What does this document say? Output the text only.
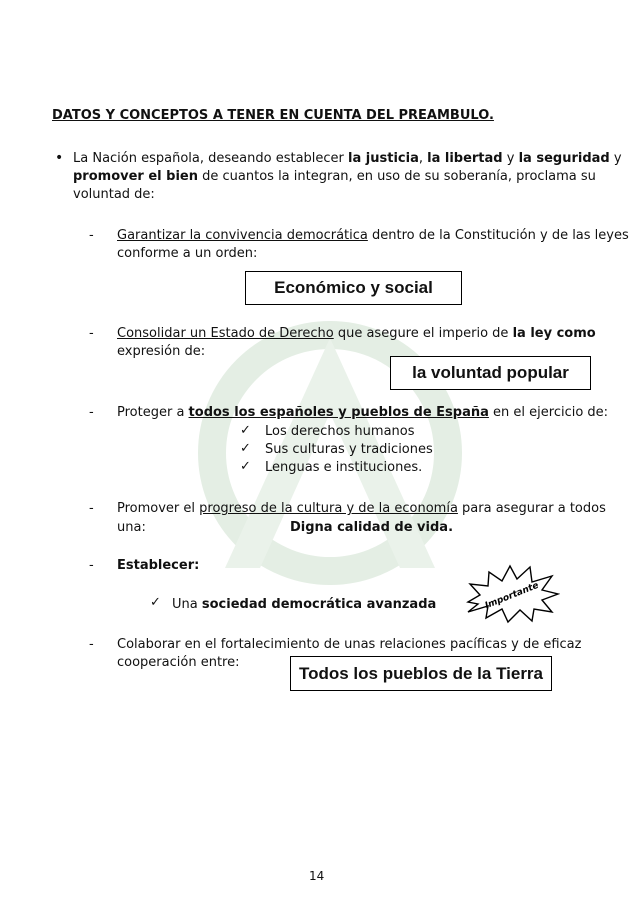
DATOS Y CONCEPTOS A TENER EN CUENTA DEL PREAMBULO.
• La Nación española, deseando establecer la justicia, la libertad y la seguridad y
promover el bien de cuantos la integran, en uso de su soberanía, proclama su
voluntad de:
- Garantizar la convivencia democrática dentro de la Constitución y de las leyes
conforme a un orden:
Económico y social
- Consolidar un Estado de Derecho que asegure el imperio de la ley como
expresión de:
la voluntad popular
- Proteger a todos los españoles y pueblos de España en el ejercicio de:
✓ Los derechos humanos
✓ Sus culturas y tradiciones
✓ Lenguas e instituciones.
- Promover el progreso de la cultura y de la economía para asegurar a todos
una:	Digna calidad de vida.
- Establecer:
✓ Una sociedad democrática avanzada	Importante
- Colaborar en el fortalecimiento de unas relaciones pacíficas y de eficaz
cooperación entre:
Todos los pueblos de la Tierra
14
